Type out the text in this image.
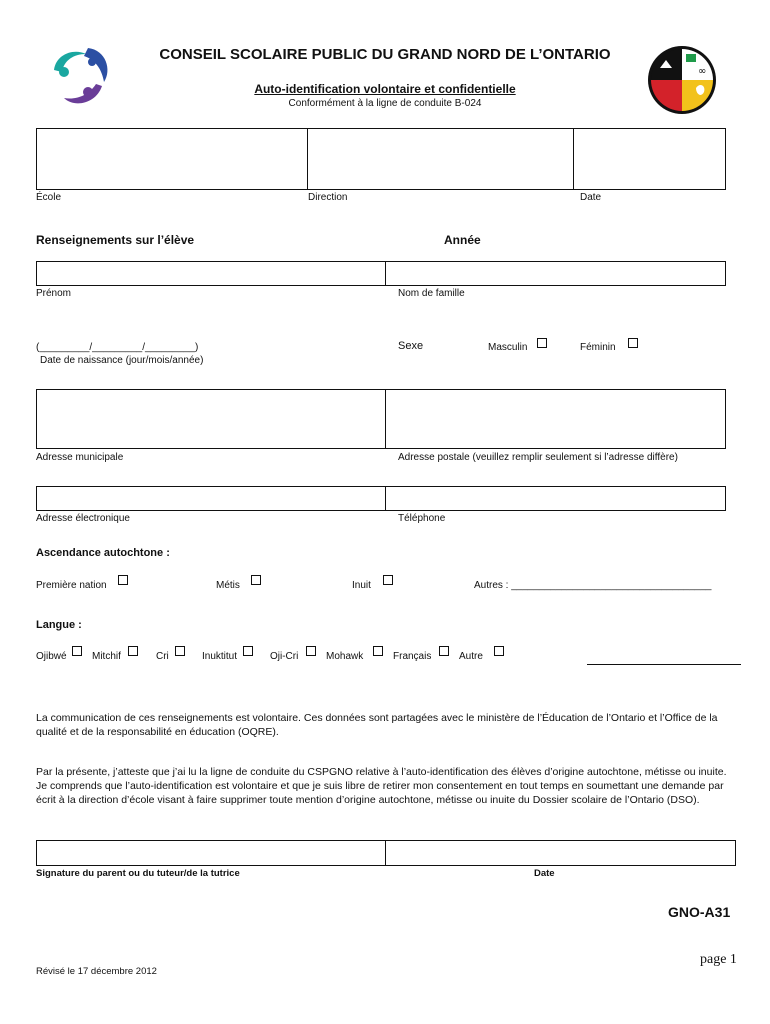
∞
CONSEIL SCOLAIRE PUBLIC DU GRAND NORD DE L’ONTARIO
Auto-identification volontaire et confidentielle
Conformément à la ligne de conduite B-024
École	Direction	Date
Renseignements sur l’élève	Année
Prénom	Nom de famille
(_________/_________/_________)
Date de naissance (jour/mois/année)
Sexe	Masculin	Féminin
Adresse municipale	Adresse postale (veuillez remplir seulement si l’adresse diffère)
Adresse électronique	Téléphone
Ascendance autochtone :
Première nation	Métis	Inuit	Autres : ____________________________________
Langue :
Ojibwé	Mitchif	Cri	Inuktitut	Oji-Cri	Mohawk	Français	Autre
La communication de ces renseignements est volontaire. Ces données sont partagées avec le ministère de l’Éducation de l’Ontario et l’Office de la qualité et de la responsabilité en éducation (OQRE).
Par la présente, j’atteste que j’ai lu la ligne de conduite du CSPGNO relative à l’auto-identification des élèves d’origine autochtone, métisse ou inuite. Je comprends que l’auto-identification est volontaire et que je suis libre de retirer mon consentement en tout temps en soumettant une demande par écrit à la direction d’école visant à faire supprimer toute mention d’origine autochtone, métisse ou inuite du Dossier scolaire de l’Ontario (DSO).
Signature du parent ou du tuteur/de la tutrice	Date
GNO-A31
page 1
Révisé le 17 décembre 2012
